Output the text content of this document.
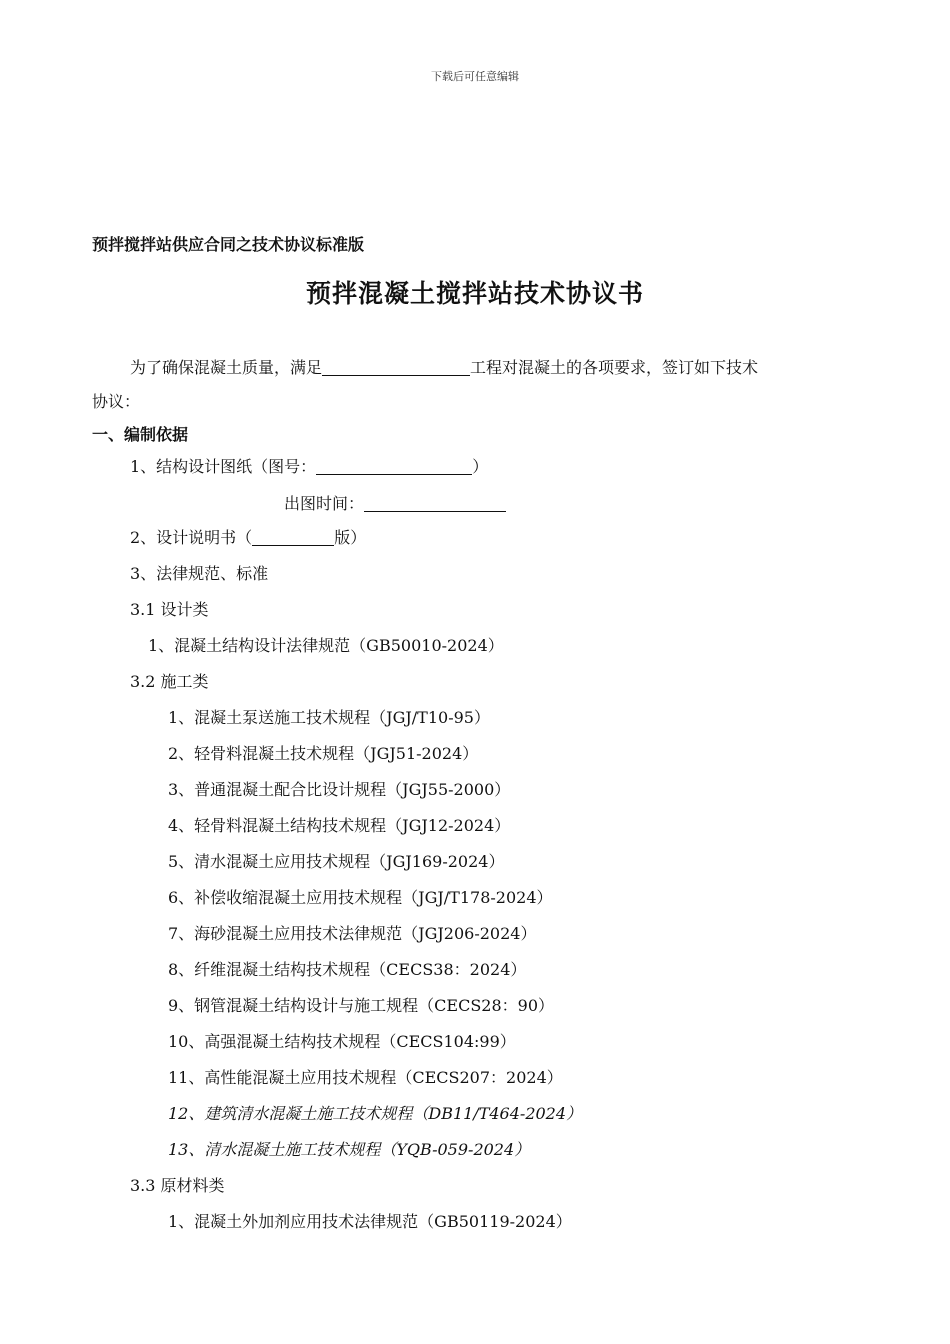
下载后可任意编辑
预拌搅拌站供应合同之技术协议标准版
预拌混凝土搅拌站技术协议书
为了确保混凝土质量，满足	工程对混凝土的各项要求，签订如下技术
协议：
一、编制依据
1、结构设计图纸（图号：	）
出图时间：
2、设计说明书（	版）
3、法律规范、标准
3.1 设计类
1、混凝土结构设计法律规范（GB50010-2024）
3.2 施工类
1、混凝土泵送施工技术规程（JGJ/T10-95）
2、轻骨料混凝土技术规程（JGJ51-2024）
3、普通混凝土配合比设计规程（JGJ55-2000）
4、轻骨料混凝土结构技术规程（JGJ12-2024）
5、清水混凝土应用技术规程（JGJ169-2024）
6、补偿收缩混凝土应用技术规程（JGJ/T178-2024）
7、海砂混凝土应用技术法律规范（JGJ206-2024）
8、纤维混凝土结构技术规程（CECS38：2024）
9、钢管混凝土结构设计与施工规程（CECS28：90）
10、高强混凝土结构技术规程（CECS104:99）
11、高性能混凝土应用技术规程（CECS207：2024）
12、建筑清水混凝土施工技术规程（DB11/T464-2024）
13、清水混凝土施工技术规程（YQB-059-2024）
3.3 原材料类
1、混凝土外加剂应用技术法律规范（GB50119-2024）
